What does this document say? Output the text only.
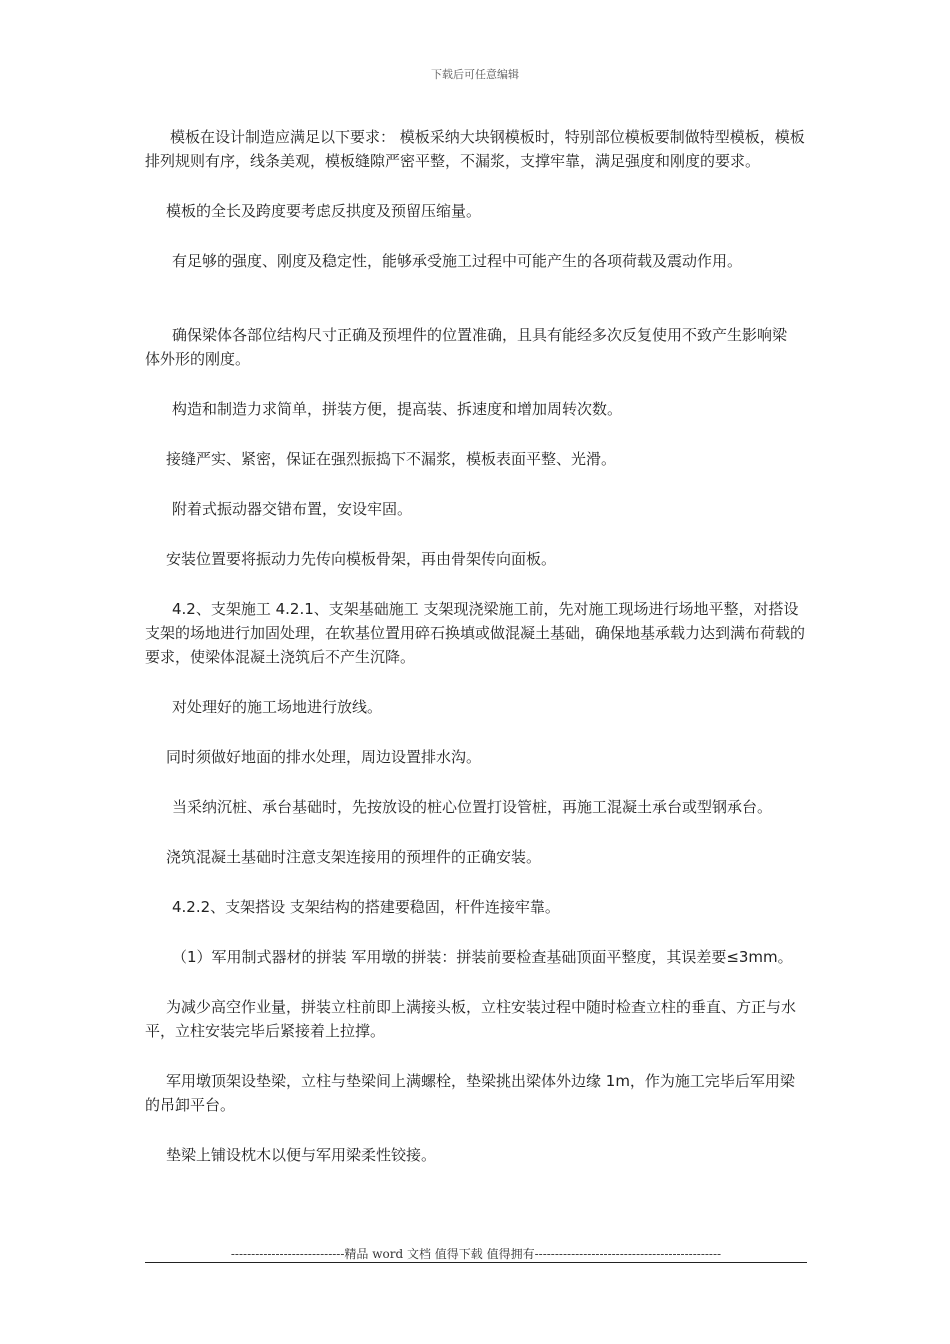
下载后可任意编辑

模板在设计制造应满足以下要求： 模板采纳大块钢模板时，特别部位模板要制做特型模板，模板排列规则有序，线条美观，模板缝隙严密平整，不漏浆，支撑牢靠，满足强度和刚度的要求。

模板的全长及跨度要考虑反拱度及预留压缩量。

有足够的强度、刚度及稳定性，能够承受施工过程中可能产生的各项荷载及震动作用。

确保梁体各部位结构尺寸正确及预埋件的位置准确，且具有能经多次反复使用不致产生影响梁体外形的刚度。

构造和制造力求简单，拼装方便，提高装、拆速度和增加周转次数。

接缝严实、紧密，保证在强烈振捣下不漏浆，模板表面平整、光滑。

附着式振动器交错布置，安设牢固。

安装位置要将振动力先传向模板骨架，再由骨架传向面板。

4.2、支架施工 4.2.1、支架基础施工 支架现浇梁施工前，先对施工现场进行场地平整，对搭设支架的场地进行加固处理，在软基位置用碎石换填或做混凝土基础，确保地基承载力达到满布荷载的要求，使梁体混凝土浇筑后不产生沉降。

对处理好的施工场地进行放线。

同时须做好地面的排水处理，周边设置排水沟。

当采纳沉桩、承台基础时，先按放设的桩心位置打设管桩，再施工混凝土承台或型钢承台。

浇筑混凝土基础时注意支架连接用的预埋件的正确安装。

4.2.2、支架搭设 支架结构的搭建要稳固，杆件连接牢靠。

（1）军用制式器材的拼装 军用墩的拼装：拼装前要检查基础顶面平整度，其误差要≤3mm。

为减少高空作业量，拼装立柱前即上满接头板，立柱安装过程中随时检查立柱的垂直、方正与水平，立柱安装完毕后紧接着上拉撑。

军用墩顶架设垫梁，立柱与垫梁间上满螺栓，垫梁挑出梁体外边缘 1m，作为施工完毕后军用梁的吊卸平台。

垫梁上铺设枕木以便与军用梁柔性铰接。

----------------------------精品 word 文档 值得下载 值得拥有----------------------------------------------
